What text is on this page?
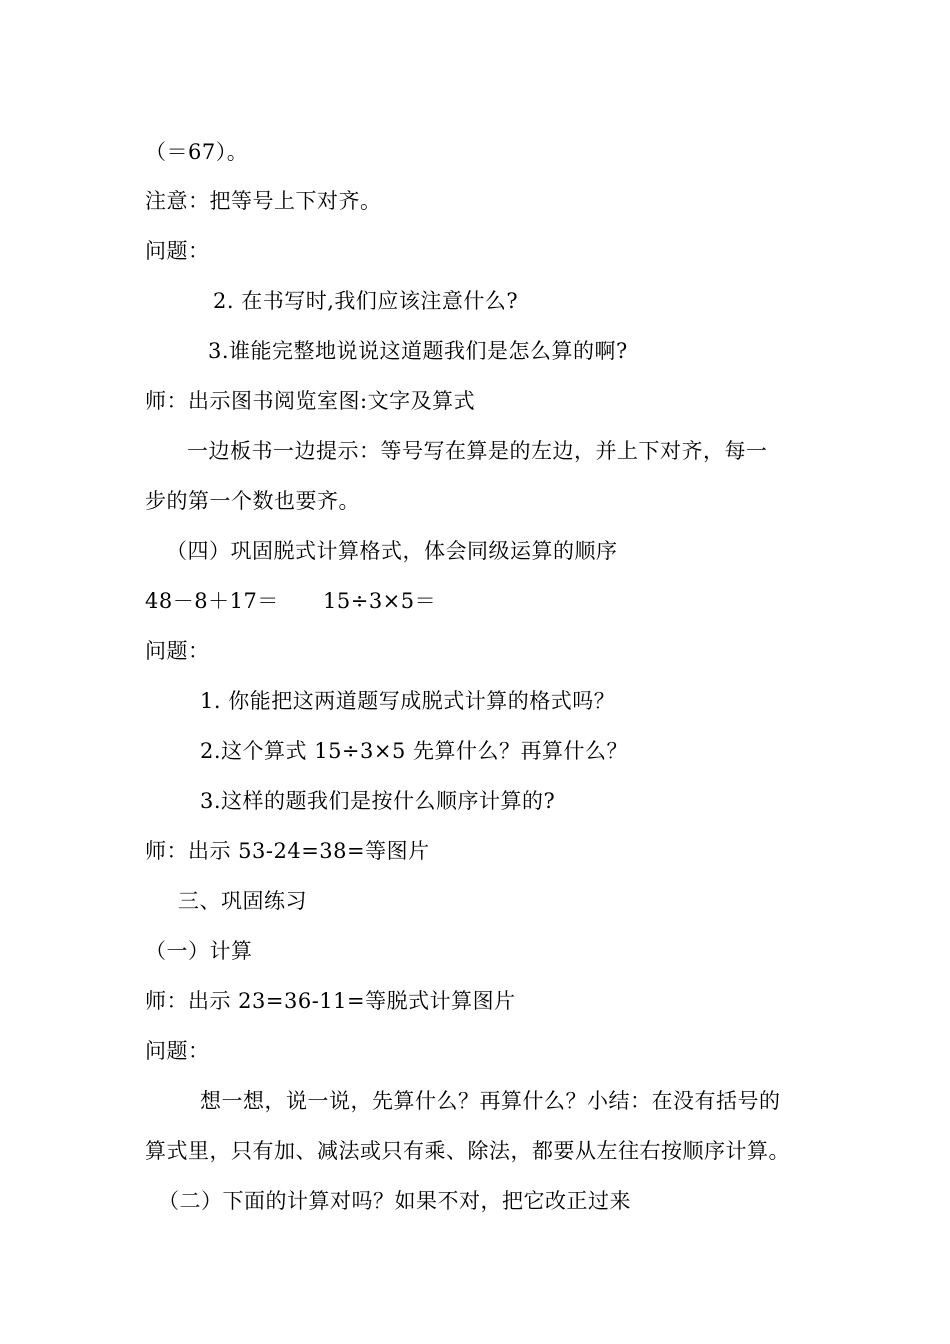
（＝67）。
注意：把等号上下对齐。
问题：
2. 在书写时,我们应该注意什么?
3.谁能完整地说说这道题我们是怎么算的啊?
师：出示图书阅览室图:文字及算式
一边板书一边提示：等号写在算是的左边，并上下对齐，每一
步的第一个数也要齐。
（四）巩固脱式计算格式，体会同级运算的顺序
48－8＋17＝ 15÷3×5＝
问题：
1. 你能把这两道题写成脱式计算的格式吗？
2.这个算式 15÷3×5 先算什么？再算什么？
3.这样的题我们是按什么顺序计算的?
师：出示 53-24=38=等图片
三、巩固练习
（一）计算
师：出示 23=36-11=等脱式计算图片
问题：
想一想，说一说，先算什么？再算什么？小结：在没有括号的
算式里，只有加、减法或只有乘、除法，都要从左往右按顺序计算。
（二）下面的计算对吗？如果不对，把它改正过来
